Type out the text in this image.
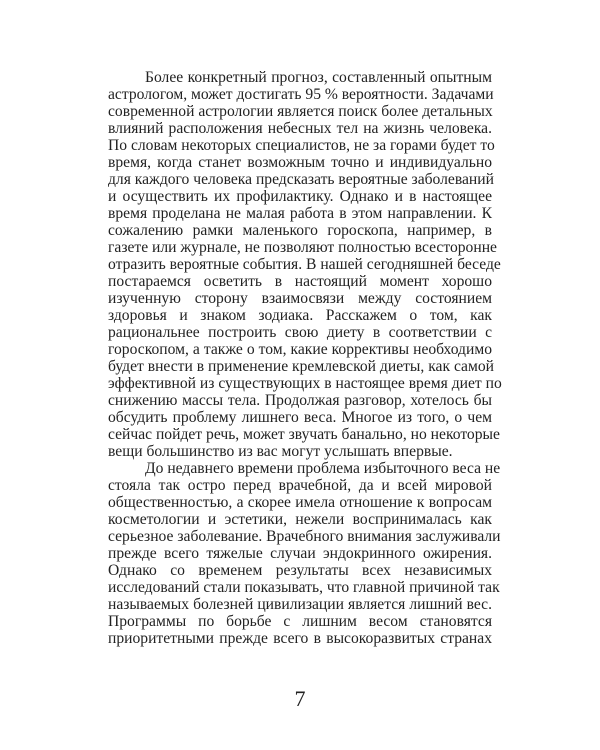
Более конкретный прогноз, составленный опытным
астрологом, может достигать 95 % вероятности. Задачами
современной астрологии является поиск более детальных
влияний расположения небесных тел на жизнь человека.
По словам некоторых специалистов, не за горами будет то
время, когда станет возможным точно и индивидуально
для каждого человека предсказать вероятные заболеваний
и осуществить их профилактику. Однако и в настоящее
время проделана не малая работа в этом направлении. К
сожалению рамки маленького гороскопа, например, в
газете или журнале, не позволяют полностью всесторонне
отразить вероятные события. В нашей сегодняшней беседе
постараемся осветить в настоящий момент хорошо
изученную сторону взаимосвязи между состоянием
здоровья и знаком зодиака. Расскажем о том, как
рациональнее построить свою диету в соответствии с
гороскопом, а также о том, какие коррективы необходимо
будет внести в применение кремлевской диеты, как самой
эффективной из существующих в настоящее время диет по
снижению массы тела. Продолжая разговор, хотелось бы
обсудить проблему лишнего веса. Многое из того, о чем
сейчас пойдет речь, может звучать банально, но некоторые
вещи большинство из вас могут услышать впервые.
До недавнего времени проблема избыточного веса не
стояла так остро перед врачебной, да и всей мировой
общественностью, а скорее имела отношение к вопросам
косметологии и эстетики, нежели воспринималась как
серьезное заболевание. Врачебного внимания заслуживали
прежде всего тяжелые случаи эндокринного ожирения.
Однако со временем результаты всех независимых
исследований стали показывать, что главной причиной так
называемых болезней цивилизации является лишний вес.
Программы по борьбе с лишним весом становятся
приоритетными прежде всего в высокоразвитых странах
7
